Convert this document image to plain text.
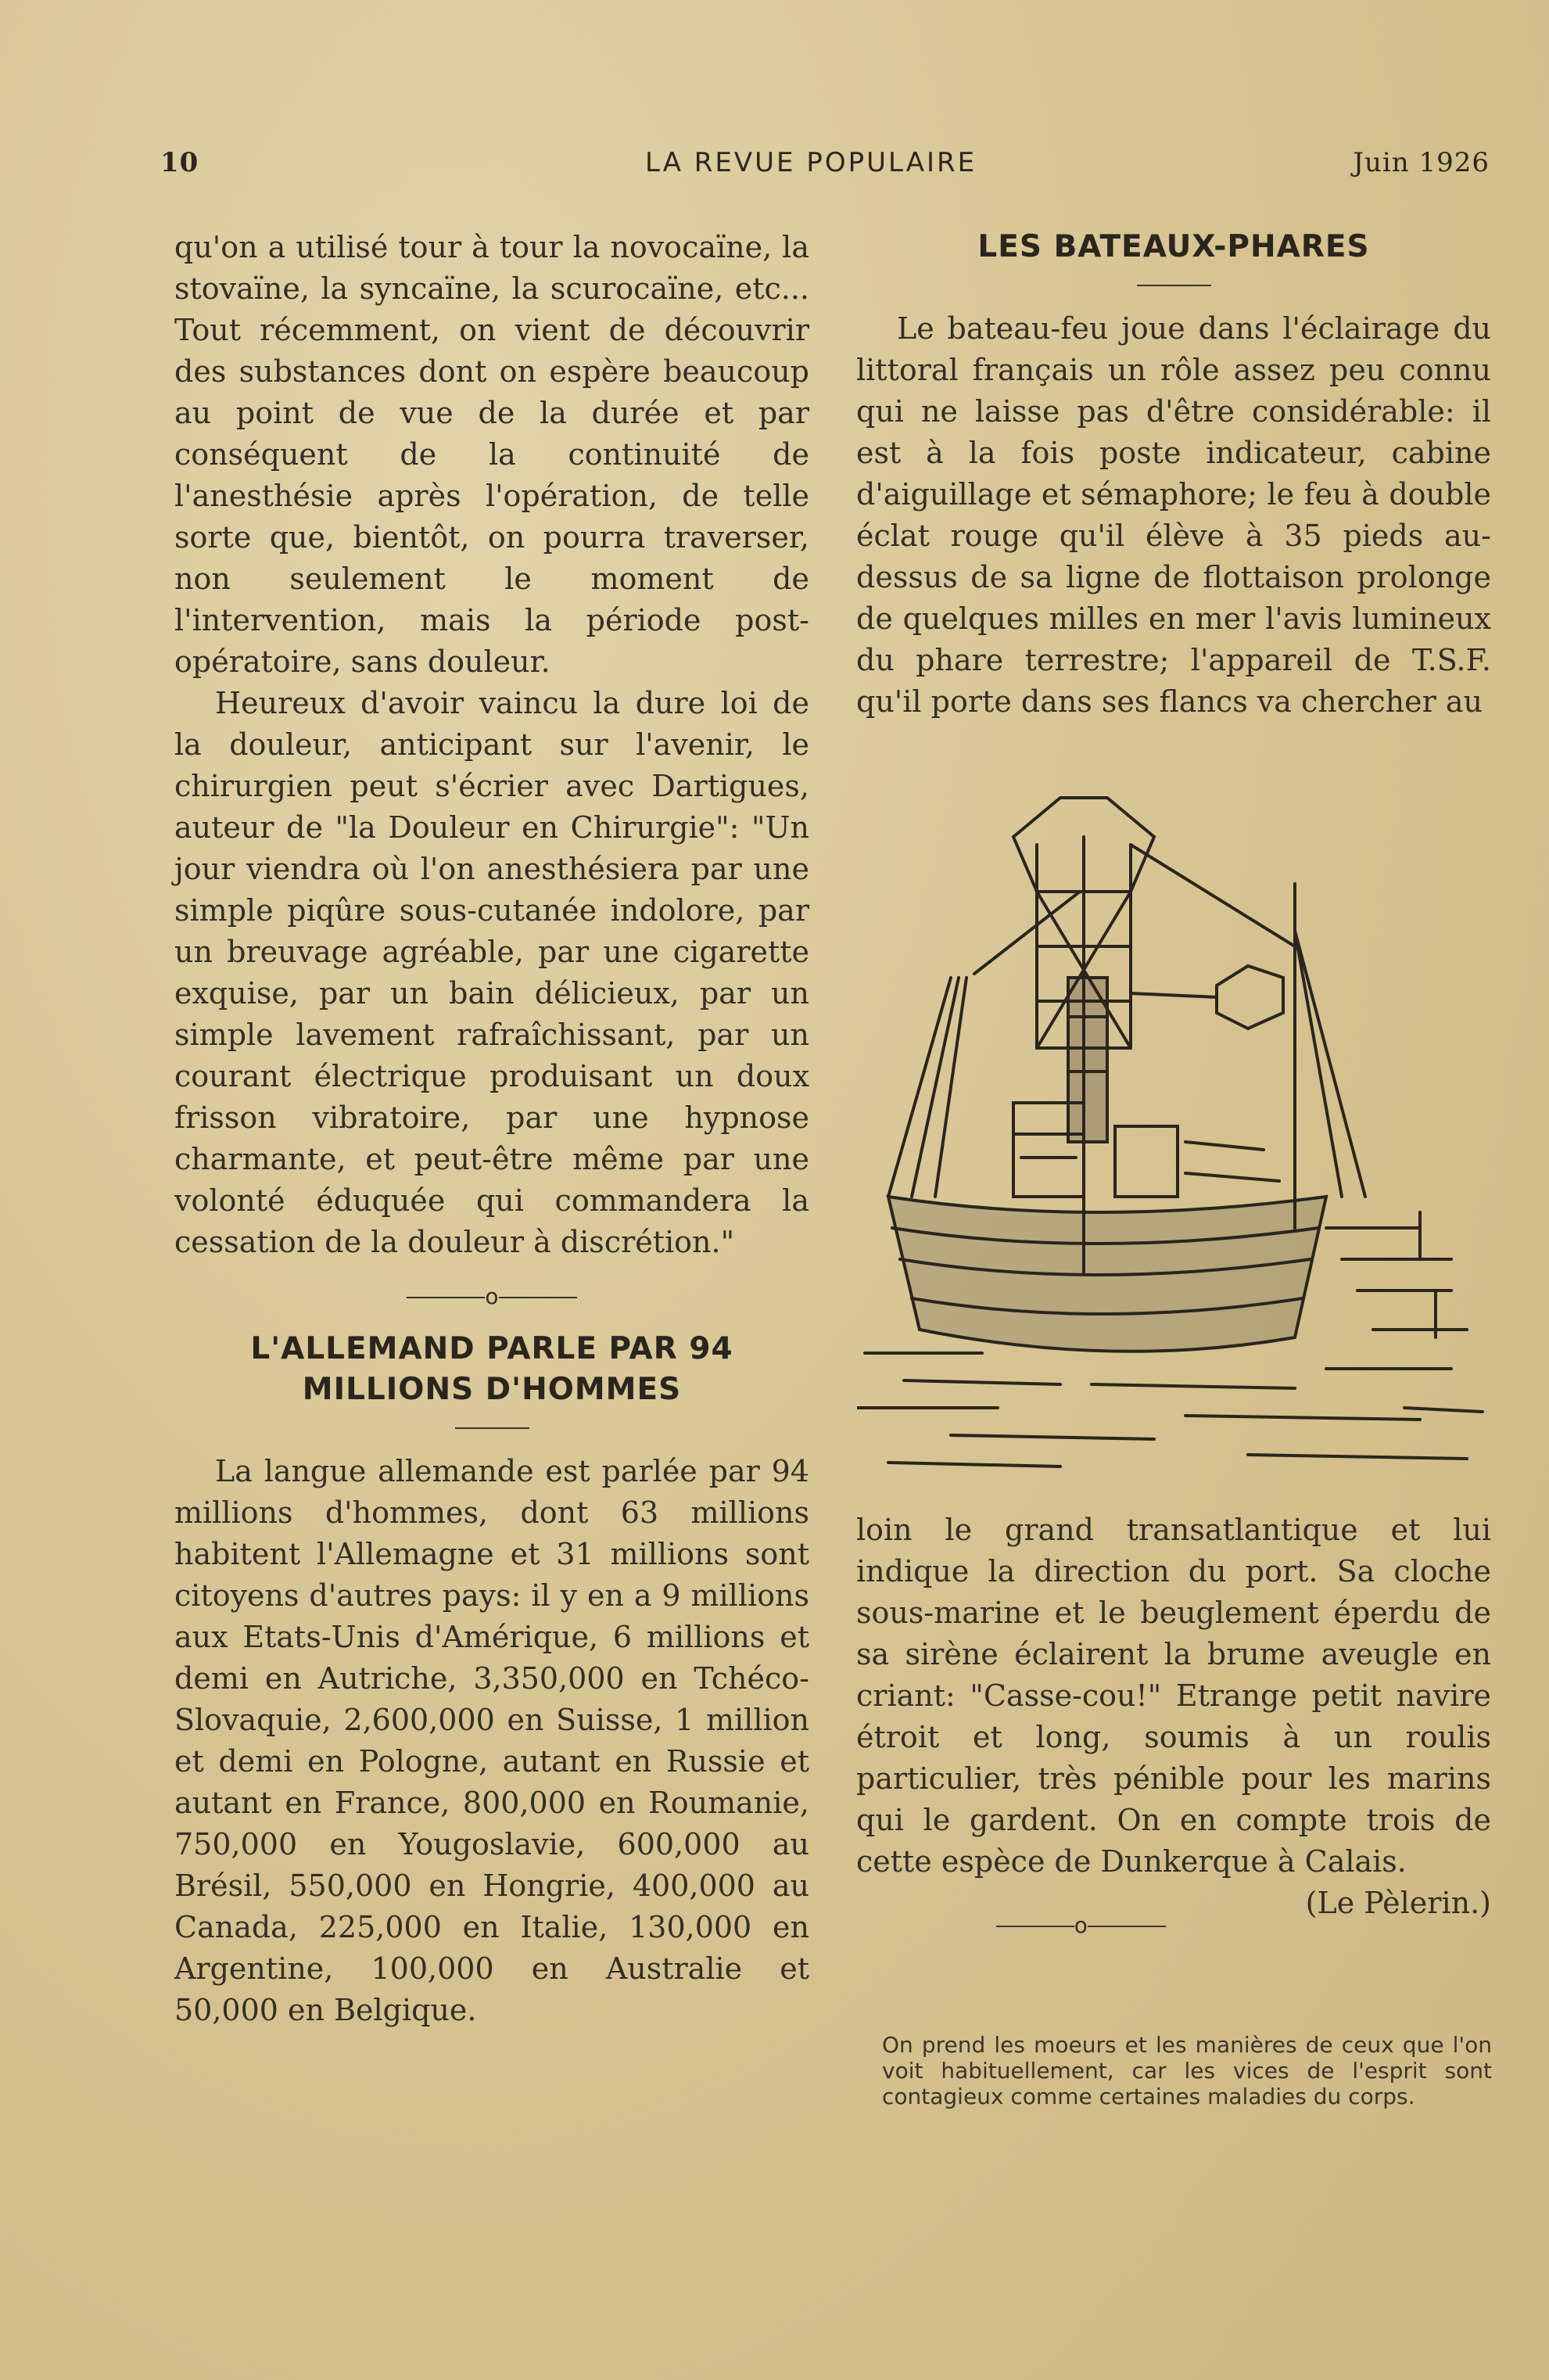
10	LA REVUE POPULAIRE	Juin 1926

qu'on a utilisé tour à tour la novocaïne, la stovaïne, la syncaïne, la scurocaïne, etc... Tout récemment, on vient de découvrir des substances dont on espère beaucoup au point de vue de la durée et par conséquent de la continuité de l'anesthésie après l'opération, de telle sorte que, bientôt, on pourra traverser, non seulement le moment de l'intervention, mais la période post-opératoire, sans douleur.

Heureux d'avoir vaincu la dure loi de la douleur, anticipant sur l'avenir, le chirurgien peut s'écrier avec Dartigues, auteur de "la Douleur en Chirurgie": "Un jour viendra où l'on anesthésiera par une simple piqûre sous-cutanée indolore, par un breuvage agréable, par une cigarette exquise, par un bain délicieux, par un simple lavement rafraîchissant, par un courant électrique produisant un doux frisson vibratoire, par une hypnose charmante, et peut-être même par une volonté éduquée qui commandera la cessation de la douleur à discrétion."

o
L'ALLEMAND PARLE PAR 94 MILLIONS D'HOMMES

La langue allemande est parlée par 94 millions d'hommes, dont 63 millions habitent l'Allemagne et 31 millions sont citoyens d'autres pays: il y en a 9 millions aux Etats-Unis d'Amérique, 6 millions et demi en Autriche, 3,350,000 en Tchéco-Slovaquie, 2,600,000 en Suisse, 1 million et demi en Pologne, autant en Russie et autant en France, 800,000 en Roumanie, 750,000 en Yougoslavie, 600,000 au Brésil, 550,000 en Hongrie, 400,000 au Canada, 225,000 en Italie, 130,000 en Argentine, 100,000 en Australie et 50,000 en Belgique.

LES BATEAUX-PHARES

Le bateau-feu joue dans l'éclairage du littoral français un rôle assez peu connu qui ne laisse pas d'être considérable: il est à la fois poste indicateur, cabine d'aiguillage et sémaphore; le feu à double éclat rouge qu'il élève à 35 pieds au-dessus de sa ligne de flottaison prolonge de quelques milles en mer l'avis lumineux du phare terrestre; l'appareil de T.S.F. qu'il porte dans ses flancs va chercher au

loin le grand transatlantique et lui indique la direction du port. Sa cloche sous-marine et le beuglement éperdu de sa sirène éclairent la brume aveugle en criant: "Casse-cou!" Etrange petit navire étroit et long, soumis à un roulis particulier, très pénible pour les marins qui le gardent. On en compte trois de cette espèce de Dunkerque à Calais.
(Le Pèlerin.)

o
On prend les moeurs et les manières de ceux que l'on voit habituellement, car les vices de l'esprit sont contagieux comme certaines maladies du corps.
